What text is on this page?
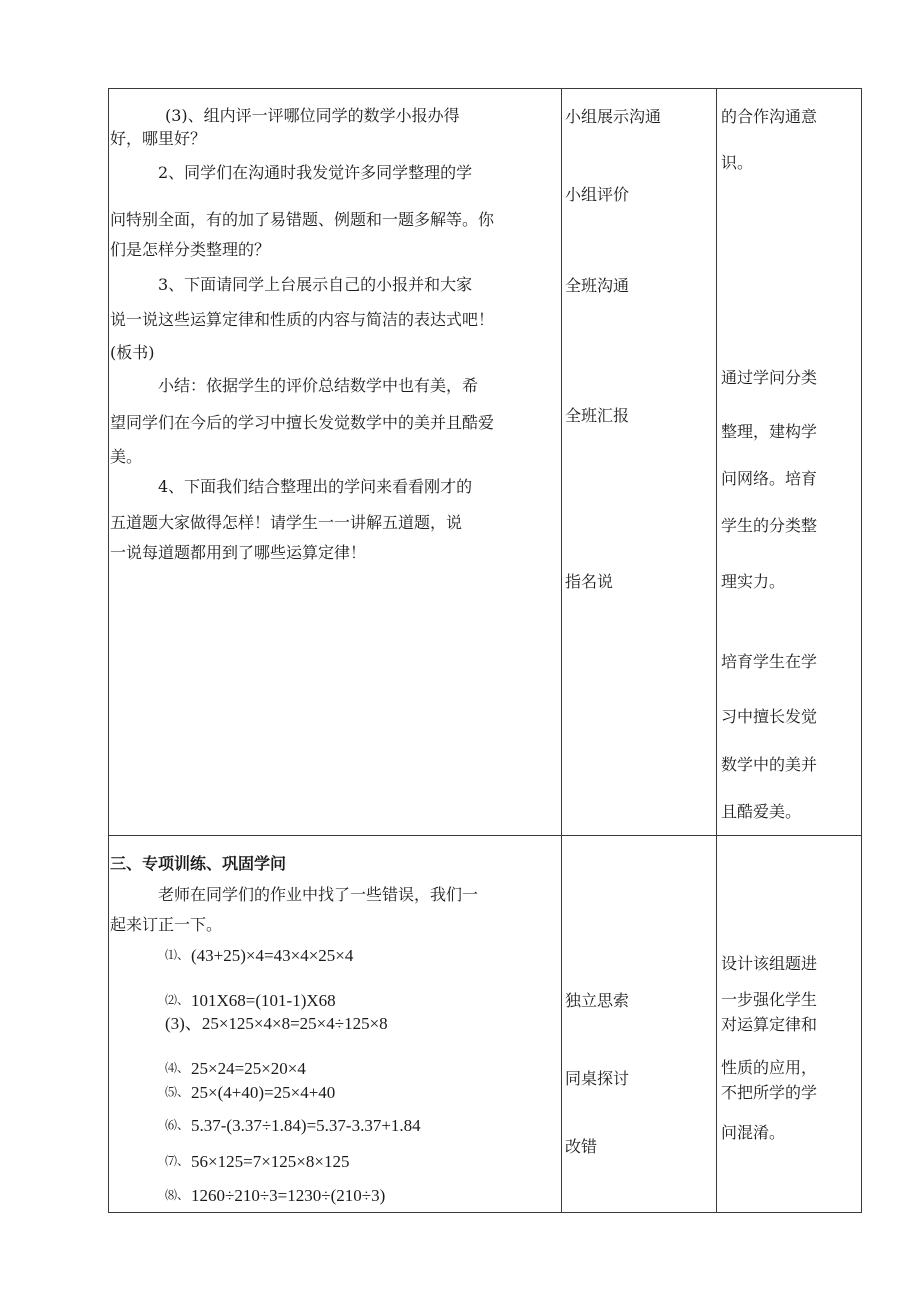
(3)、组内评一评哪位同学的数学小报办得
好，哪里好？
2、同学们在沟通时我发觉许多同学整理的学
问特别全面，有的加了易错题、例题和一题多解等。你
们是怎样分类整理的？
3、下面请同学上台展示自己的小报并和大家
说一说这些运算定律和性质的内容与简洁的表达式吧！
(板书)
小结：依据学生的评价总结数学中也有美，希
望同学们在今后的学习中擅长发觉数学中的美并且酷爱
美。
4、下面我们结合整理出的学问来看看刚才的
五道题大家做得怎样！请学生一一讲解五道题，说
一说每道题都用到了哪些运算定律！
小组展示沟通
小组评价
全班沟通
全班汇报
指名说
的合作沟通意
识。
通过学问分类
整理，建构学
问网络。培育
学生的分类整
理实力。
培育学生在学
习中擅长发觉
数学中的美并
且酷爱美。
三、专项训练、巩固学问
老师在同学们的作业中找了一些错误，我们一
起来订正一下。
⑴、 (43+25)×4=43×4×25×4
⑵、 101X68=(101-1)X68
(3)、25×125×4×8=25×4÷125×8
⑷、 25×24=25×20×4
⑸、 25×(4+40)=25×4+40
⑹、 5.37-(3.37÷1.84)=5.37-3.37+1.84
⑺、 56×125=7×125×8×125
⑻、 1260÷210÷3=1230÷(210÷3)
独立思索
同桌探讨
改错
设计该组题进
一步强化学生
对运算定律和
性质的应用，
不把所学的学
问混淆。
